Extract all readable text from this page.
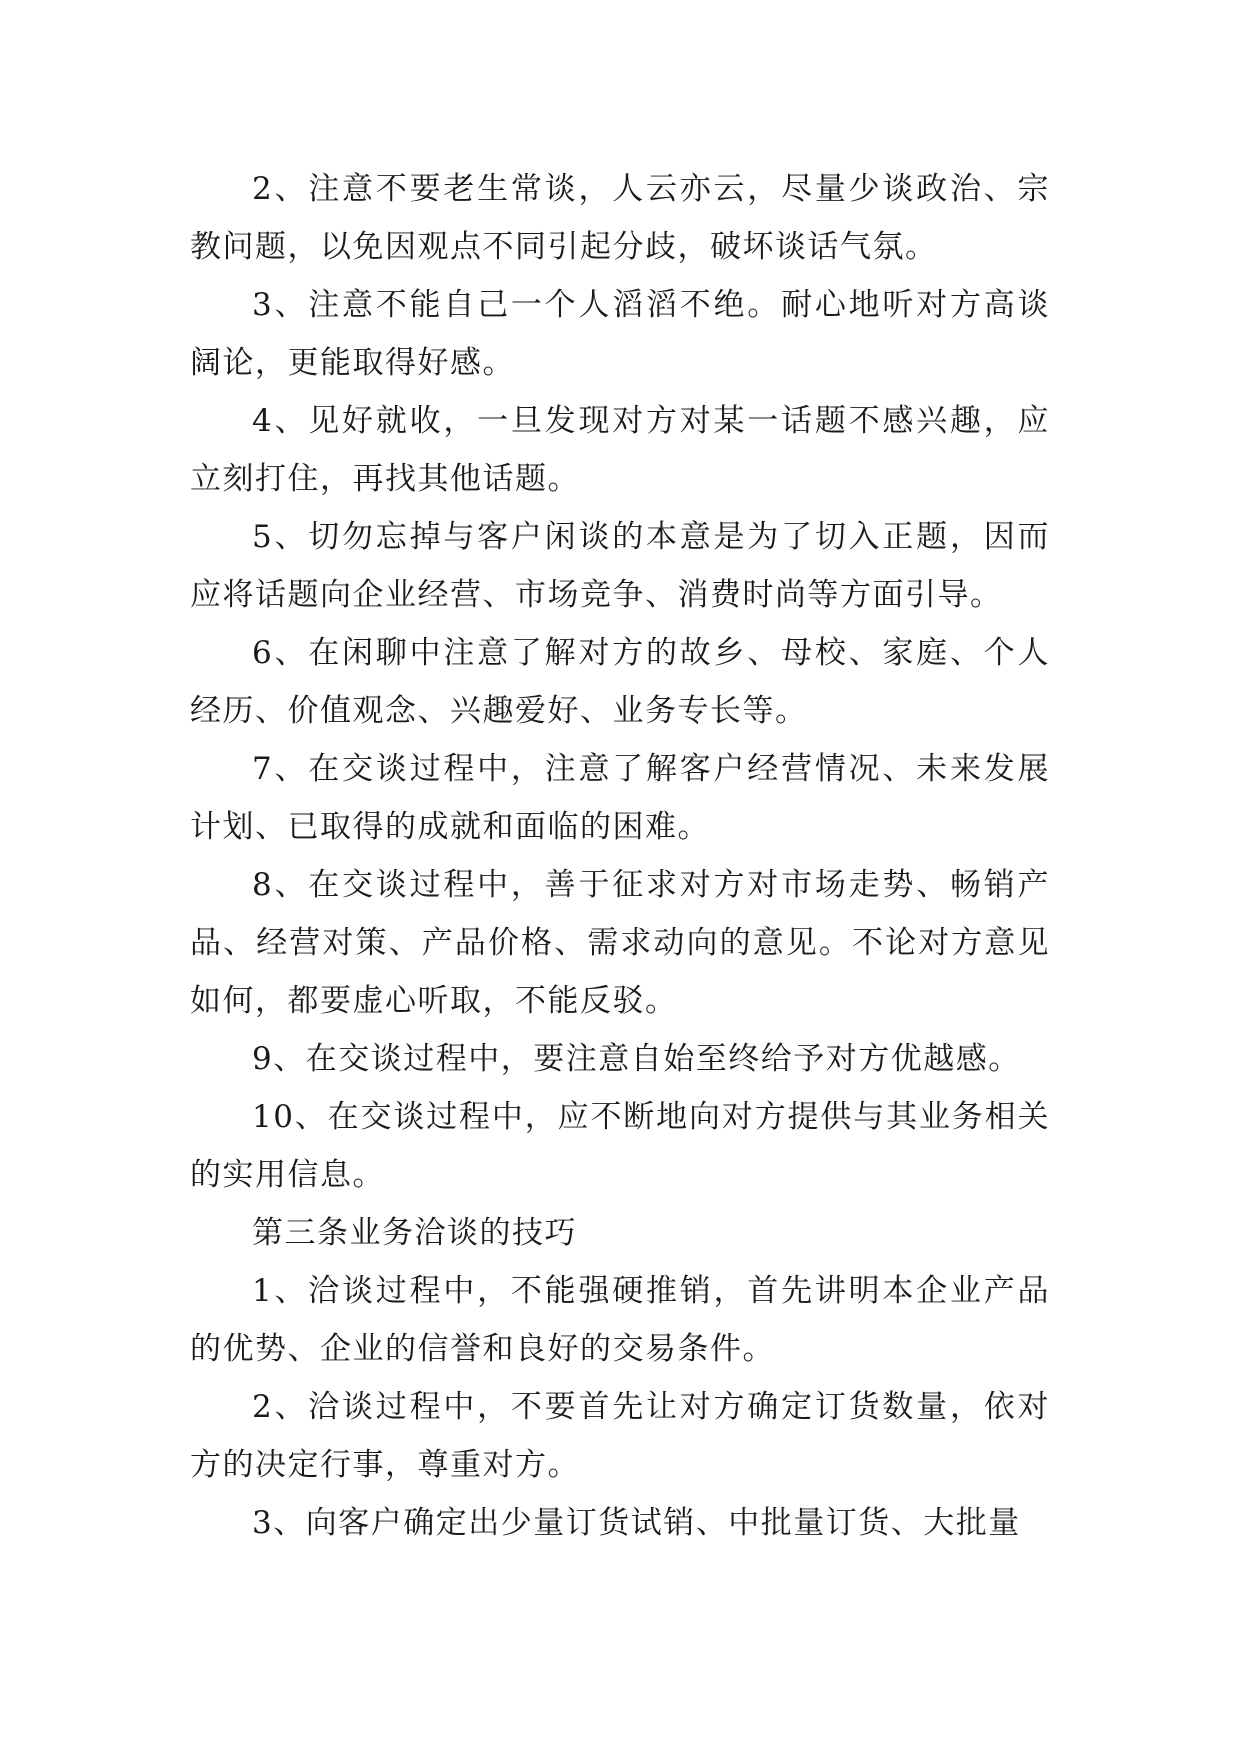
2、注意不要老生常谈，人云亦云，尽量少谈政治、宗教问题，以免因观点不同引起分歧，破坏谈话气氛。

3、注意不能自己一个人滔滔不绝。耐心地听对方高谈阔论，更能取得好感。

4、见好就收，一旦发现对方对某一话题不感兴趣，应立刻打住，再找其他话题。

5、切勿忘掉与客户闲谈的本意是为了切入正题，因而应将话题向企业经营、市场竞争、消费时尚等方面引导。

6、在闲聊中注意了解对方的故乡、母校、家庭、个人经历、价值观念、兴趣爱好、业务专长等。

7、在交谈过程中，注意了解客户经营情况、未来发展计划、已取得的成就和面临的困难。

8、在交谈过程中，善于征求对方对市场走势、畅销产品、经营对策、产品价格、需求动向的意见。不论对方意见如何，都要虚心听取，不能反驳。

9、在交谈过程中，要注意自始至终给予对方优越感。

10、在交谈过程中，应不断地向对方提供与其业务相关的实用信息。

第三条业务洽谈的技巧

1、洽谈过程中，不能强硬推销，首先讲明本企业产品的优势、企业的信誉和良好的交易条件。

2、洽谈过程中，不要首先让对方确定订货数量，依对方的决定行事，尊重对方。

3、向客户确定出少量订货试销、中批量订货、大批量
